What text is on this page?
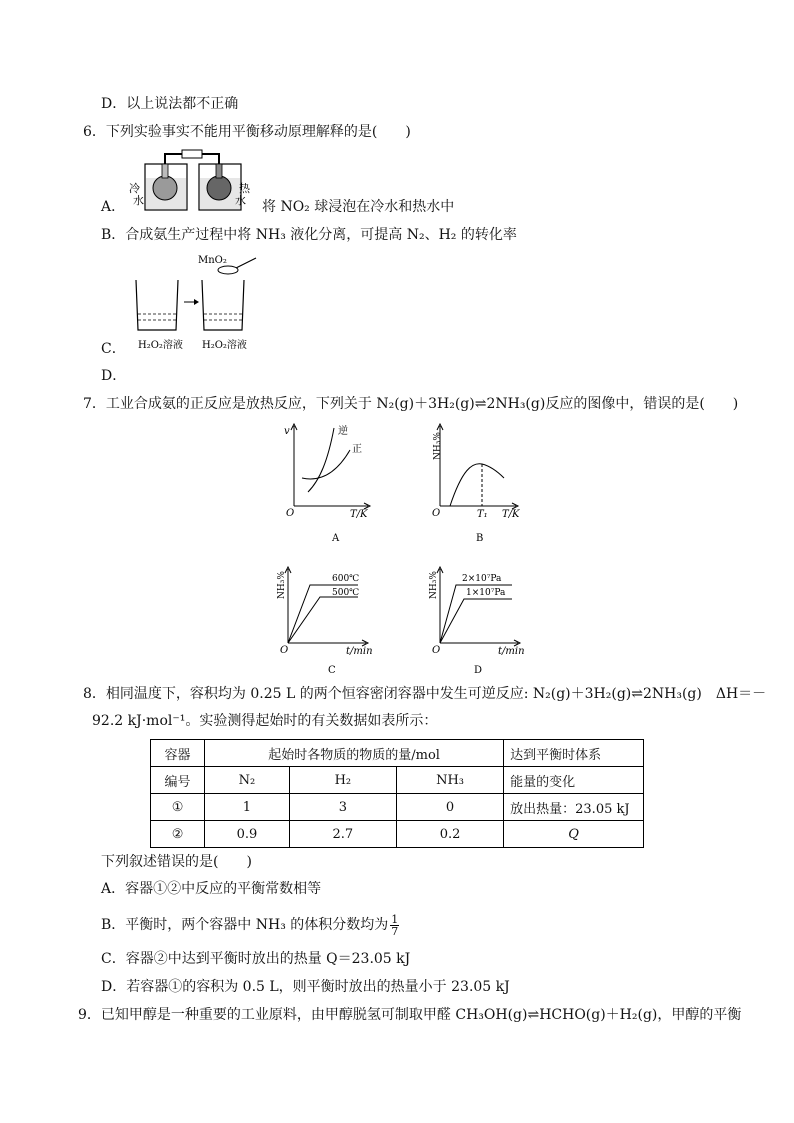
D．以上说法都不正确
6．下列实验事实不能用平衡移动原理解释的是(　　)
A．
冷
水
热
水 将 NO₂ 球浸泡在冷水和热水中
B．合成氨生产过程中将 NH₃ 液化分离，可提高 N₂、H₂ 的转化率
C．
MnO₂
H₂O₂溶液 H₂O₂溶液
D．
7．工业合成氨的正反应是放热反应，下列关于 N₂(g)＋3H₂(g)⇌2NH₃(g)反应的图像中，错误的是(　　)
v
T/K
O
逆
正
A
NH₃%
T/K
O	T₁
B
NH₃%
t/min
O
600℃
500℃
C
NH₃%
t/min
O
2×10⁷Pa
1×10⁷Pa
D
8．相同温度下，容积均为 0.25 L 的两个恒容密闭容器中发生可逆反应: N₂(g)＋3H₂(g)⇌2NH₃(g)　ΔH＝－
92.2 kJ·mol⁻¹。实验测得起始时的有关数据如表所示：
容器	起始时各物质的物质的量/mol			达到平衡时体系
编号	N₂	H₂	NH₃	能量的变化
①	1	3	0	放出热量：23.05 kJ
②	0.9	2.7	0.2	Q
下列叙述错误的是(　　)
A．容器①②中反应的平衡常数相等
B．平衡时，两个容器中 NH₃ 的体积分数均为 $\frac{1}{7}$
C．容器②中达到平衡时放出的热量 Q＝23.05 kJ
D．若容器①的容积为 0.5 L，则平衡时放出的热量小于 23.05 kJ
9．已知甲醇是一种重要的工业原料，由甲醇脱氢可制取甲醛 CH₃OH(g)⇌HCHO(g)＋H₂(g)，甲醇的平衡
